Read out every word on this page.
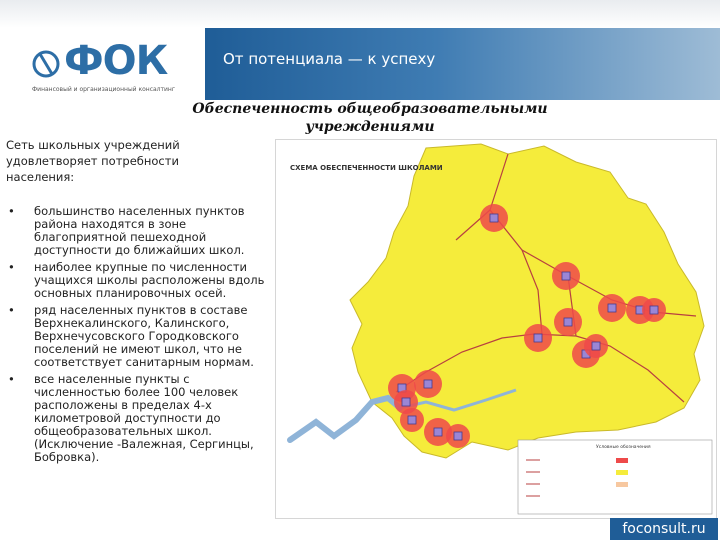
ФОК
Финансовый и организационный консалтинг
От потенциала — к успеху
Обеспеченность общеобразовательными учреждениями
Сеть школьных учреждений удовлетворяет потребности населения:
• большинство населенных пунктов района находятся в зоне благоприятной пешеходной доступности до ближайших школ.
• наиболее крупные по численности учащихся школы расположены вдоль основных планировочных осей.
• ряд населенных пунктов в составе Верхнекалинского, Калинского, Верхнечусовского Городковского поселений не имеют школ, что не соответствует санитарным нормам.
• все населенные пункты с численностью более 100 человек расположены в пределах 4-х километровой доступности до общеобразовательных школ. (Исключение -Валежная, Сергинцы, Бобровка).
Условные обозначения
СХЕМА ОБЕСПЕЧЕННОСТИ ШКОЛАМИ
foconsult.ru
